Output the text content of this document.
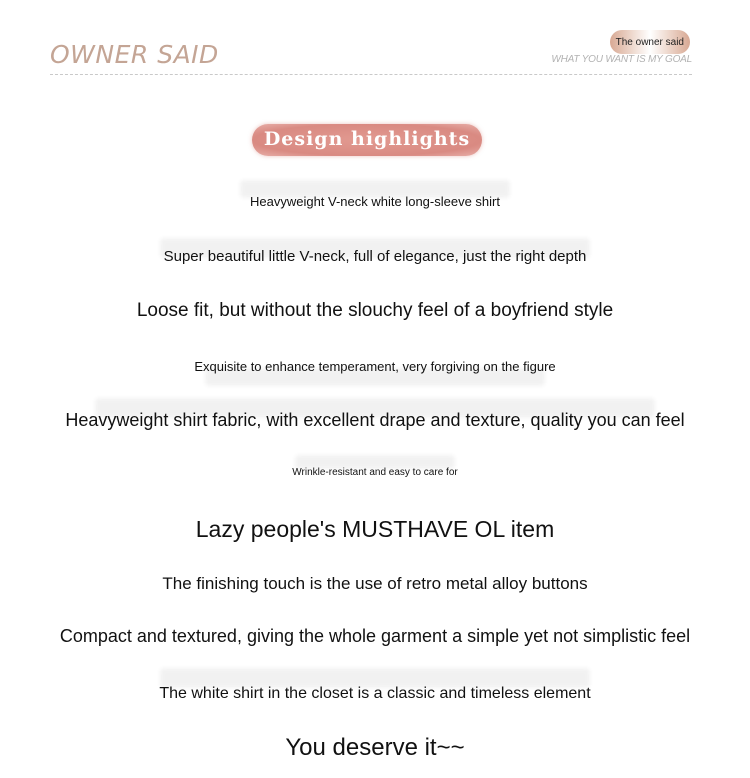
OWNER SAID	The owner said
WHAT YOU WANT IS MY GOAL
Design highlights
Heavyweight V-neck white long-sleeve shirt
Super beautiful little V-neck, full of elegance, just the right depth
Loose fit, but without the slouchy feel of a boyfriend style
Exquisite to enhance temperament, very forgiving on the figure
Heavyweight shirt fabric, with excellent drape and texture, quality you can feel
Wrinkle-resistant and easy to care for
Lazy people's MUSTHAVE OL item
The finishing touch is the use of retro metal alloy buttons
Compact and textured, giving the whole garment a simple yet not simplistic feel
The white shirt in the closet is a classic and timeless element
You deserve it~~
